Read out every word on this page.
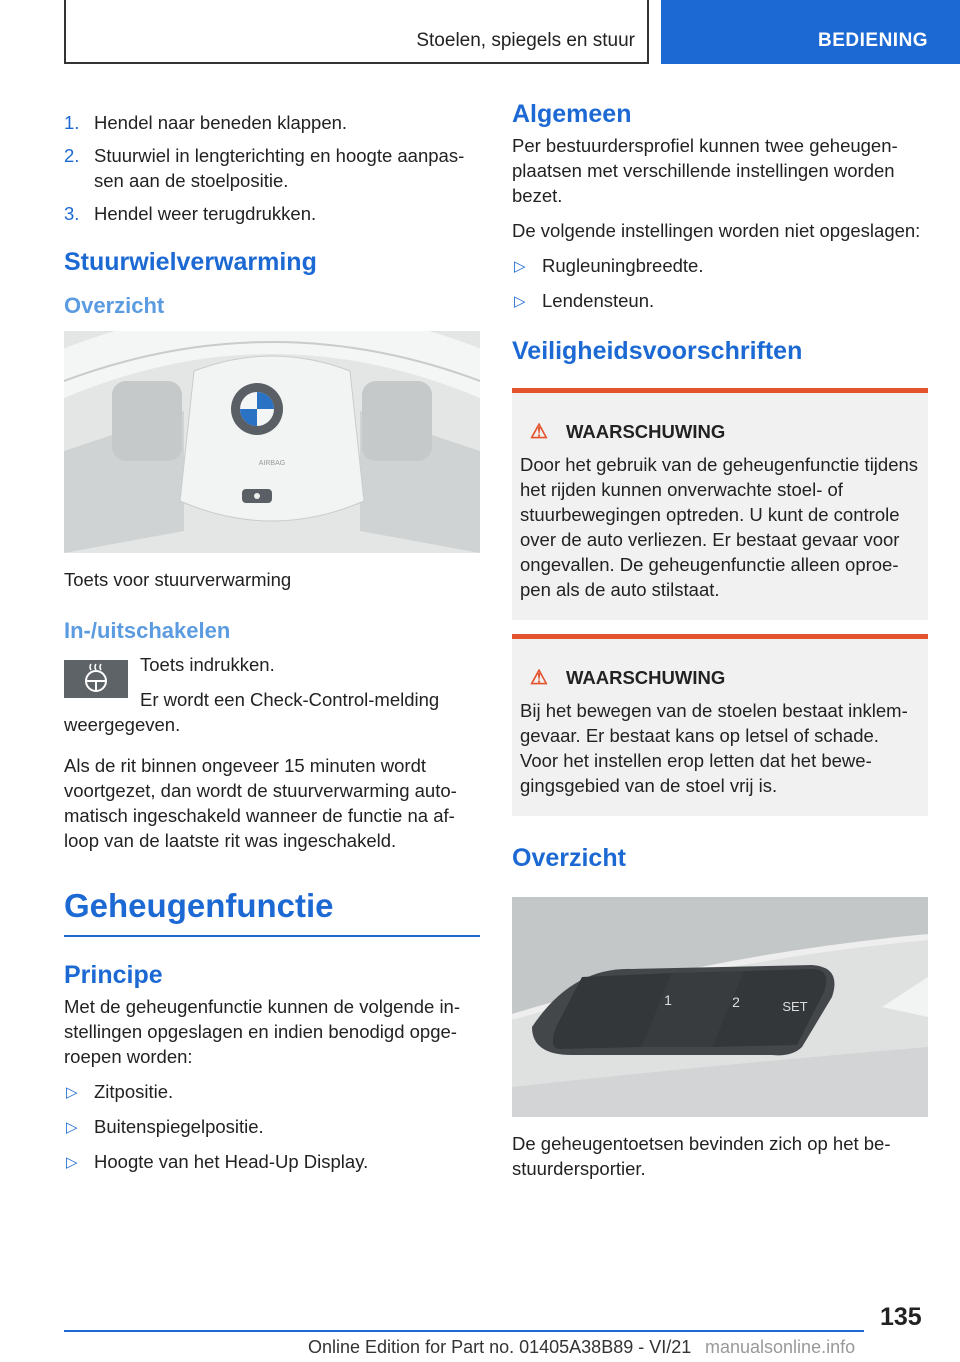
Stoelen, spiegels en stuur	BEDIENING
1. Hendel naar beneden klappen.
2. Stuurwiel in lengterichting en hoogte aanpassen aan de stoelpositie.
3. Hendel weer terugdrukken.
Stuurwielverwarming
Overzicht
AIRBAG

Toets voor stuurverwarming

In-/uitschakelen

Toets indrukken.

Er wordt een Check-Control-melding weergegeven.

Als de rit binnen ongeveer 15 minuten wordt voortgezet, dan wordt de stuurverwarming automatisch ingeschakeld wanneer de functie na afloop van de laatste rit was ingeschakeld.

Geheugenfunctie
Principe

Met de geheugenfunctie kunnen de volgende instellingen opgeslagen en indien benodigd opgeroepen worden:

▷ Zitpositie.
▷ Buitenspiegelpositie.
▷ Hoogte van het Head-Up Display.
Algemeen

Per bestuurdersprofiel kunnen twee geheugenplaatsen met verschillende instellingen worden bezet.

De volgende instellingen worden niet opgeslagen:

▷ Rugleuningbreedte.
▷ Lendensteun.
Veiligheidsvoorschriften
⚠ WAARSCHUWING

Door het gebruik van de geheugenfunctie tijdens het rijden kunnen onverwachte stoel- of stuurbewegingen optreden. U kunt de controle over de auto verliezen. Er bestaat gevaar voor ongevallen. De geheugenfunctie alleen oproepen als de auto stilstaat.

⚠ WAARSCHUWING

Bij het bewegen van de stoelen bestaat inklemgevaar. Er bestaat kans op letsel of schade. Voor het instellen erop letten dat het bewegingsgebied van de stoel vrij is.

Overzicht
1	2	SET

De geheugentoetsen bevinden zich op het bestuurdersportier.

135
Online Edition for Part no. 01405A38B89 - VI/21 manualsonline.info
